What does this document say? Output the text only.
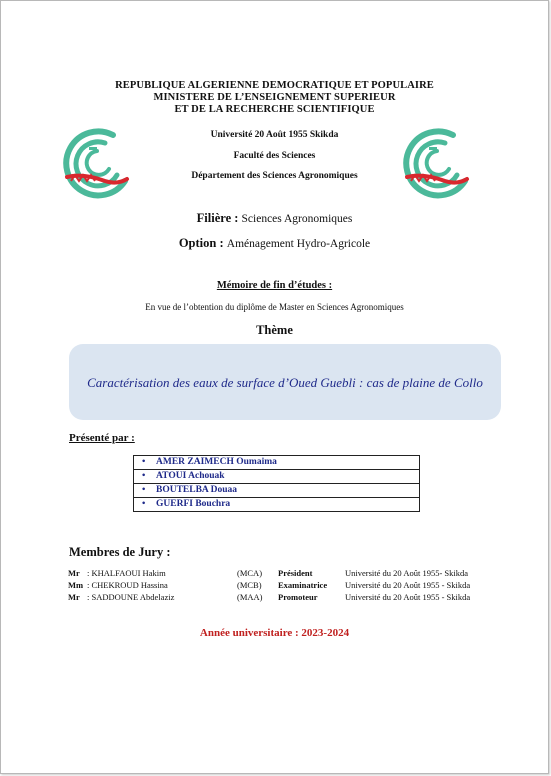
REPUBLIQUE ALGERIENNE DEMOCRATIQUE ET POPULAIRE
MINISTERE DE L’ENSEIGNEMENT SUPERIEUR
ET DE LA RECHERCHE SCIENTIFIQUE
Université 20 Août 1955 Skikda
Faculté des Sciences
Département des Sciences Agronomiques
Filière : Sciences Agronomiques
Option : Aménagement Hydro-Agricole
Mémoire de fin d’études :
En vue de l’obtention du diplôme de Master en Sciences Agronomiques
Thème
Caractérisation des eaux de surface d’Oued Guebli : cas de plaine de Collo
Présenté par :
• AMER ZAIMECH Oumaima
• ATOUI Achouak
• BOUTELBA Douaa
• GUERFI Bouchra
Membres de Jury :
Mr : KHALFAOUI Hakim	(MCA) Président	Université du 20 Août 1955- Skikda
Mm : CHEKROUD Hassina	(MCB) Examinatrice Université du 20 Août 1955 - Skikda
Mr : SADDOUNE Abdelaziz	(MAA) Promoteur	Université du 20 Août 1955 - Skikda
Année universitaire : 2023-2024
